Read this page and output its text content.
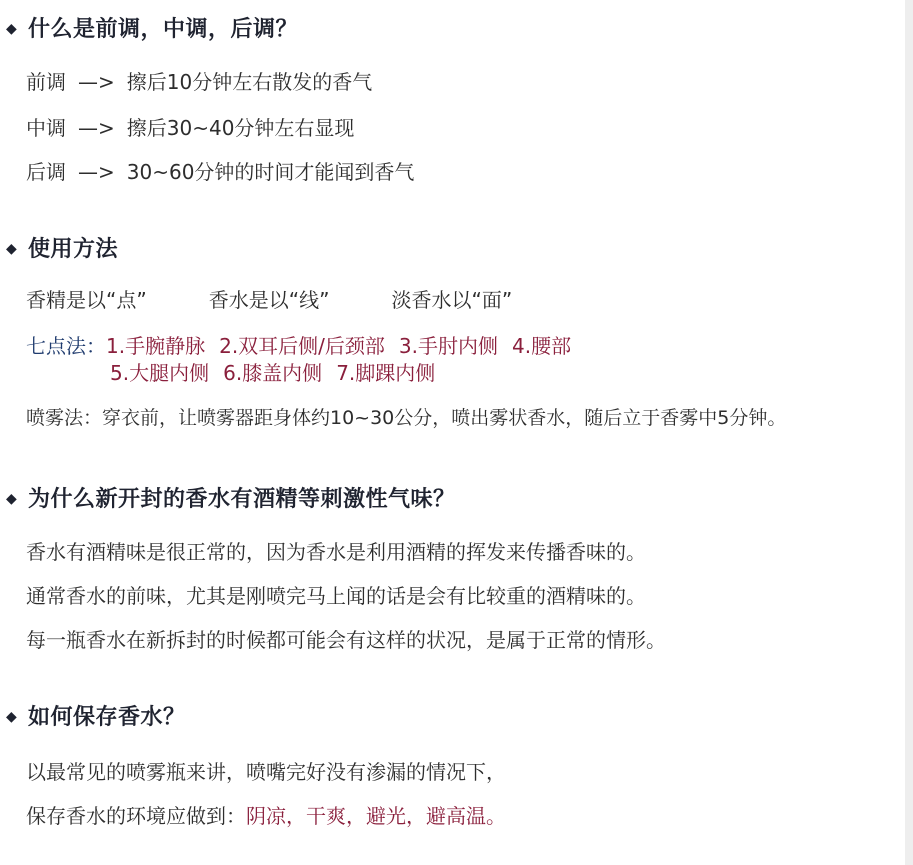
◆ 什么是前调，中调，后调？
前调 —> 擦后10分钟左右散发的香气
中调 —> 擦后30~40分钟左右显现
后调 —> 30~60分钟的时间才能闻到香气
◆ 使用方法
香精是以“点”	香水是以“线”	淡香水以“面”
七点法：1.手腕静脉 2.双耳后侧/后颈部 3.手肘内侧 4.腰部
5.大腿内侧 6.膝盖内侧 7.脚踝内侧
喷雾法：穿衣前，让喷雾器距身体约10~30公分，喷出雾状香水，随后立于香雾中5分钟。
◆ 为什么新开封的香水有酒精等刺激性气味？
香水有酒精味是很正常的，因为香水是利用酒精的挥发来传播香味的。
通常香水的前味，尤其是刚喷完马上闻的话是会有比较重的酒精味的。
每一瓶香水在新拆封的时候都可能会有这样的状况，是属于正常的情形。
◆ 如何保存香水？
以最常见的喷雾瓶来讲，喷嘴完好没有渗漏的情况下，
保存香水的环境应做到：阴凉，干爽，避光，避高温。
